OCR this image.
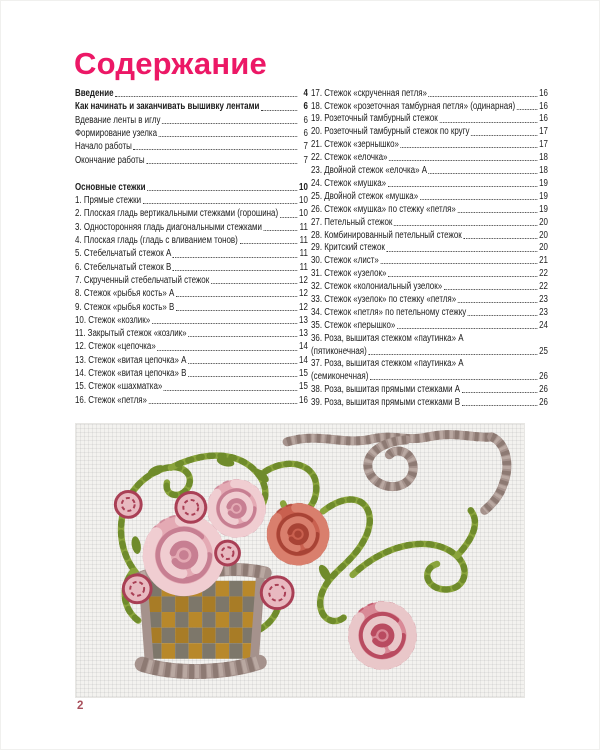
Содержание
Введение	4
Как начинать и заканчивать вышивку лентами	6
Вдевание ленты в иглу	6
Формирование узелка	6
Начало работы	7
Окончание работы	7
Основные стежки	10
1. Прямые стежки	10
2. Плоская гладь вертикальными стежками (горошина) 10
3. Односторонняя гладь диагональными стежками	11
4. Плоская гладь (гладь с вливанием тонов)	11
5. Стебельчатый стежок А	11
6. Стебельчатый стежок В	11
7. Скрученный стебельчатый стежок	12
8. Стежок «рыбья кость» А	12
9. Стежок «рыбья кость» В	12
10. Стежок «козлик»	13
11. Закрытый стежок «козлик»	13
12. Стежок «цепочка»	14
13. Стежок «витая цепочка» А	14
14. Стежок «витая цепочка» В	15
15. Стежок «шахматка»	15
16. Стежок «петля»	16
17. Стежок «скрученная петля»	16
18. Стежок «розеточная тамбурная петля» (одинарная) 16
19. Розеточный тамбурный стежок	16
20. Розеточный тамбурный стежок по кругу	17
21. Стежок «зернышко»	17
22. Стежок «елочка»	18
23. Двойной стежок «елочка» А	18
24. Стежок «мушка»	19
25. Двойной стежок «мушка»	19
26. Стежок «мушка» по стежку «петля»	19
27. Петельный стежок	20
28. Комбинированный петельный стежок	20
29. Критский стежок	20
30. Стежок «лист»	21
31. Стежок «узелок»	22
32. Стежок «колониальный узелок»	22
33. Стежок «узелок» по стежку «петля»	23
34. Стежок «петля» по петельному стежку	23
35. Стежок «перышко»	24
36. Роза, вышитая стежком «паутинка» А
(пятиконечная)	25
37. Роза, вышитая стежком «паутинка» А
(семиконечная)	26
38. Роза, вышитая прямыми стежками А	26
39. Роза, вышитая прямыми стежками В	26
2
